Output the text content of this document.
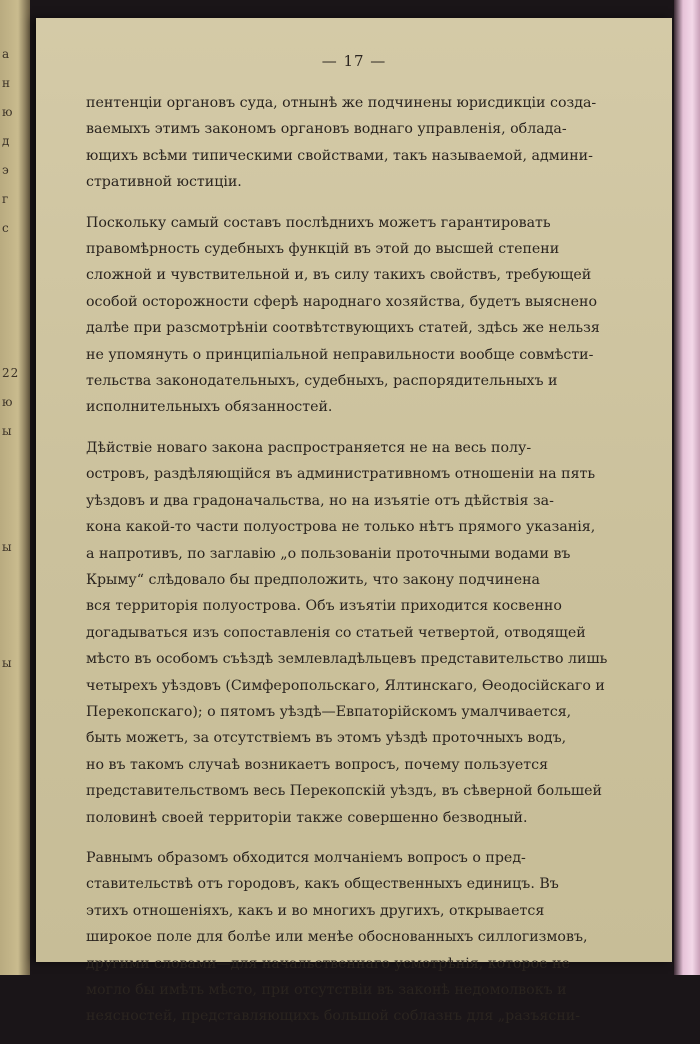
а
н
ю
д
э
г
с

22
ю
ы

ы

ы

— 17 —

пентенціи органовъ суда, отнынѣ же подчинены юрисдикціи созда-
ваемыхъ этимъ закономъ органовъ воднаго управленія, облада-
ющихъ всѣми типическими свойствами, такъ называемой, админи-
стративной юстиціи.

Поскольку самый составъ послѣднихъ можетъ гарантировать
правомѣрность судебныхъ функцій въ этой до высшей степени
сложной и чувствительной и, въ силу такихъ свойствъ, требующей
особой осторожности сферѣ народнаго хозяйства, будетъ выяснено
далѣе при разсмотрѣніи соотвѣтствующихъ статей, здѣсь же нельзя
не упомянуть о принципіальной неправильности вообще совмѣсти-
тельства законодательныхъ, судебныхъ, распорядительныхъ и
исполнительныхъ обязанностей.

Дѣйствіе новаго закона распространяется не на весь полу-
островъ, раздѣляющійся въ административномъ отношеніи на пять
уѣздовъ и два градоначальства, но на изъятіе отъ дѣйствія за-
кона какой-то части полуострова не только нѣтъ прямого указанія,
а напротивъ, по заглавію „о пользованіи проточными водами въ
Крыму“ слѣдовало бы предположить, что закону подчинена
вся территорія полуострова. Объ изъятіи приходится косвенно
догадываться изъ сопоставленія со статьей четвертой, отводящей
мѣсто въ особомъ съѣздѣ землевладѣльцевъ представительство лишь
четырехъ уѣздовъ (Симферопольскаго, Ялтинскаго, Ѳеодосійскаго и
Перекопскаго); о пятомъ уѣздѣ—Евпаторійскомъ умалчивается,
быть можетъ, за отсутствіемъ въ этомъ уѣздѣ проточныхъ водъ,
но въ такомъ случаѣ возникаетъ вопросъ, почему пользуется
представительствомъ весь Перекопскій уѣздъ, въ сѣверной большей
половинѣ своей территоріи также совершенно безводный.

Равнымъ образомъ обходится молчаніемъ вопросъ о пред-
ставительствѣ отъ городовъ, какъ общественныхъ единицъ. Въ
этихъ отношеніяхъ, какъ и во многихъ другихъ, открывается
широкое поле для болѣе или менѣе обоснованныхъ силлогизмовъ,
другими словами—для начальственнаго усмотрѣнія, которое не
могло бы имѣть мѣсто, при отсутствіи въ законѣ недомолвокъ и
неясностей, представляющихъ большой соблазнъ для „разъясни-
